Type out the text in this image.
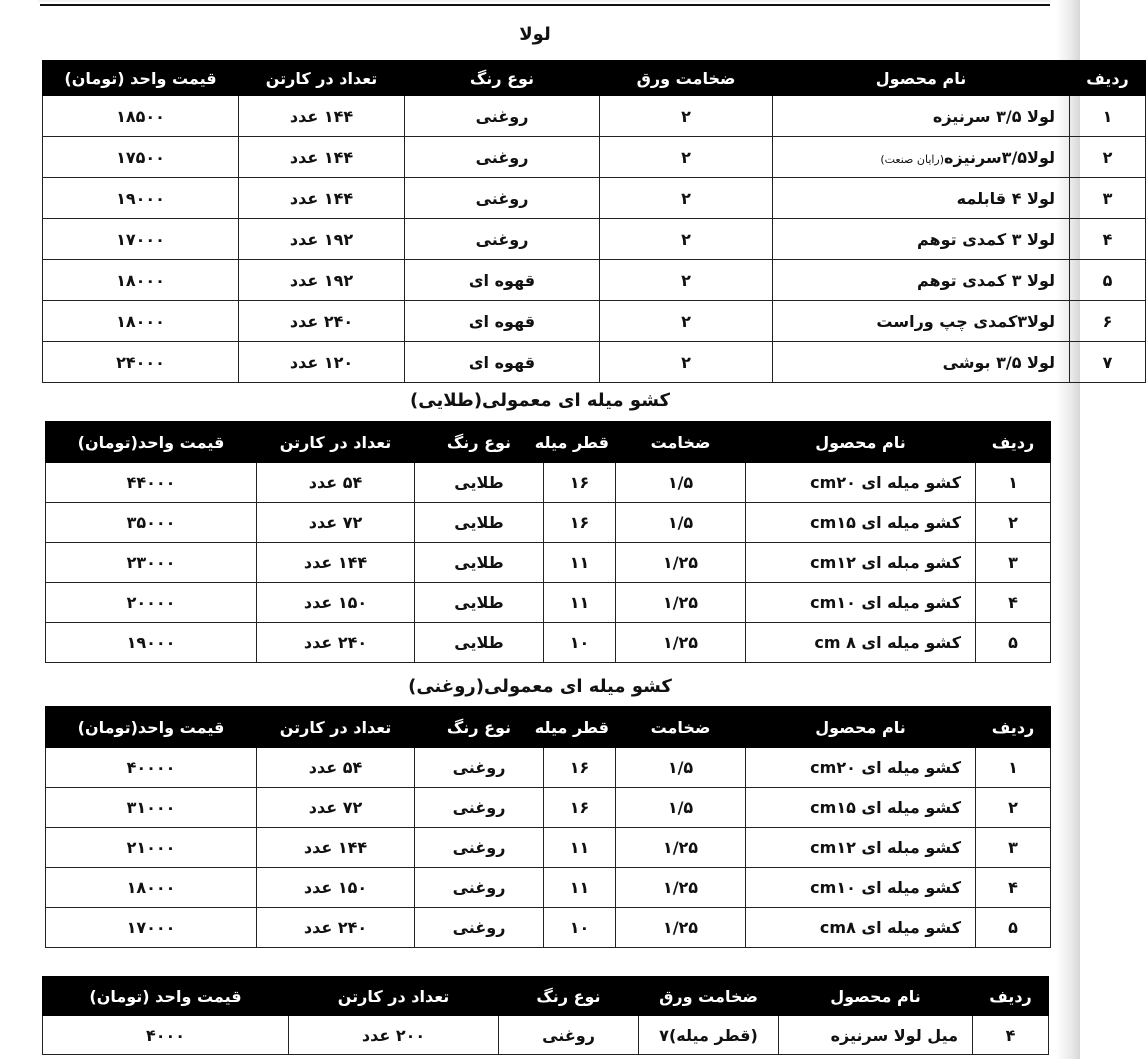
لولا
ردیف	نام محصول	ضخامت ورق	نوع رنگ	تعداد در کارتن	قیمت واحد (تومان)
۱	لولا ۳/۵ سرنیزه	۲	روغنی	۱۴۴ عدد	۱۸۵۰۰
۲	لولا۳/۵سرنیزه(رایان صنعت)	۲	روغنی	۱۴۴ عدد	۱۷۵۰۰
۳	لولا ۴ قابلمه	۲	روغنی	۱۴۴ عدد	۱۹۰۰۰
۴	لولا ۳ کمدی توهم	۲	روغنی	۱۹۲ عدد	۱۷۰۰۰
۵	لولا ۳ کمدی توهم	۲	قهوه ای	۱۹۲ عدد	۱۸۰۰۰
۶	لولا۳کمدی چپ وراست	۲	قهوه ای	۲۴۰ عدد	۱۸۰۰۰
۷	لولا ۳/۵ بوشی	۲	قهوه ای	۱۲۰ عدد	۲۴۰۰۰
کشو میله ای معمولی(طلایی)
ردیف	نام محصول	ضخامت	قطر میله	نوع رنگ	تعداد در کارتن	قیمت واحد(تومان)
۱	کشو میله ای cm۲۰	۱/۵	۱۶	طلایی	۵۴ عدد	۴۴۰۰۰
۲	کشو میله ای cm۱۵	۱/۵	۱۶	طلایی	۷۲ عدد	۳۵۰۰۰
۳	کشو مبله ای cm۱۲	۱/۲۵	۱۱	طلایی	۱۴۴ عدد	۲۳۰۰۰
۴	کشو میله ای cm۱۰	۱/۲۵	۱۱	طلایی	۱۵۰ عدد	۲۰۰۰۰
۵	کشو میله ای cm ۸	۱/۲۵	۱۰	طلایی	۲۴۰ عدد	۱۹۰۰۰
کشو میله ای معمولی(روغنی)
ردیف	نام محصول	ضخامت	قطر میله	نوع رنگ	تعداد در کارتن	قیمت واحد(تومان)
۱	کشو میله ای cm۲۰	۱/۵	۱۶	روغنی	۵۴ عدد	۴۰۰۰۰
۲	کشو میله ای cm۱۵	۱/۵	۱۶	روغنی	۷۲ عدد	۳۱۰۰۰
۳	کشو مبله ای cm۱۲	۱/۲۵	۱۱	روغنی	۱۴۴ عدد	۲۱۰۰۰
۴	کشو میله ای cm۱۰	۱/۲۵	۱۱	روغنی	۱۵۰ عدد	۱۸۰۰۰
۵	کشو میله ای cm۸	۱/۲۵	۱۰	روغنی	۲۴۰ عدد	۱۷۰۰۰
ردیف	نام محصول	ضخامت ورق	نوع رنگ	تعداد در کارتن	قیمت واحد (تومان)
۴	میل لولا سرنیزه	(قطر میله)۷	روغنی	۲۰۰ عدد	۴۰۰۰
